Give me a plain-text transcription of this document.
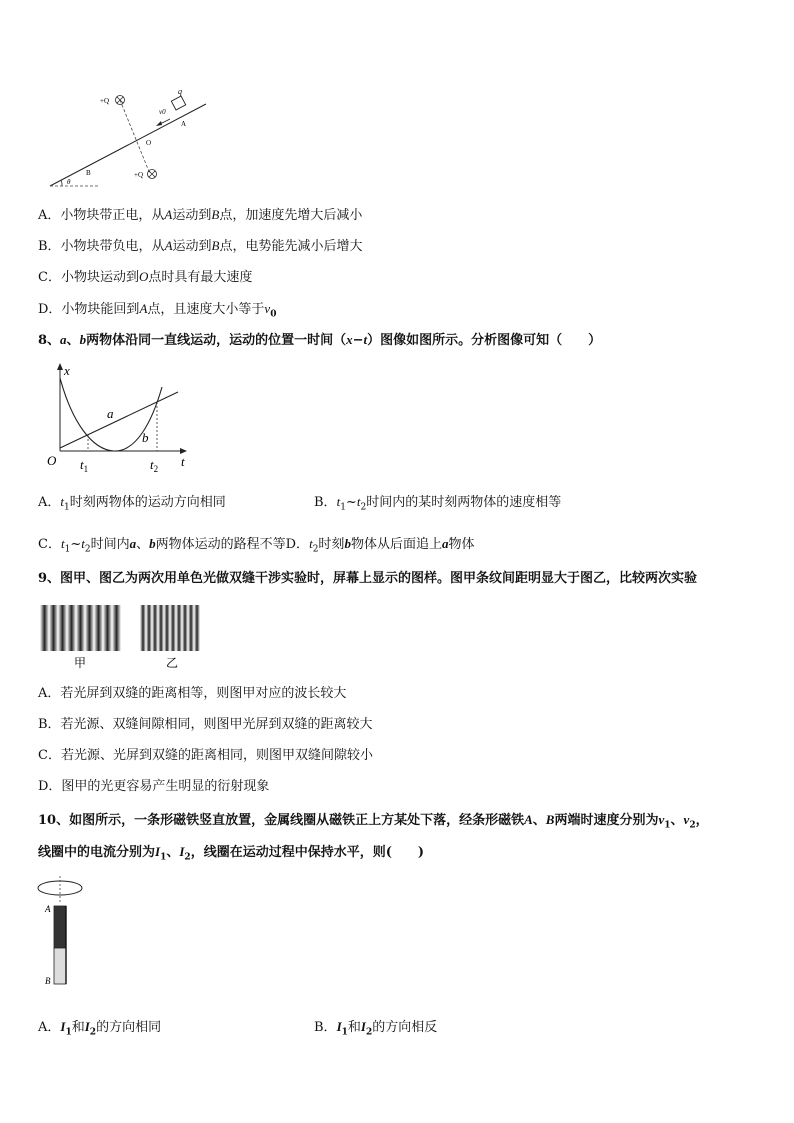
+Q
+Q
q
v0
A
O
B
θ
A．小物块带正电，从A运动到B点，加速度先增大后减小
B．小物块带负电，从A运动到B点，电势能先减小后增大
C．小物块运动到O点时具有最大速度
D．小物块能回到A点，且速度大小等于$v_0$
8、a、b两物体沿同一直线运动，运动的位置一时间（x−t）图像如图所示。分析图像可知（　　）
x
t
O
a
b
$t_1$	$t_2$
A．$t_1$时刻两物体的运动方向相同	B．$t_1\sim t_2$时间内的某时刻两物体的速度相等
C．$t_1\sim t_2$时间内a、b两物体运动的路程不等D．$t_2$时刻b物体从后面追上a物体
9、图甲、图乙为两次用单色光做双缝干涉实验时，屏幕上显示的图样。图甲条纹间距明显大于图乙，比较两次实验
甲	乙
A．若光屏到双缝的距离相等，则图甲对应的波长较大
B．若光源、双缝间隙相同，则图甲光屏到双缝的距离较大
C．若光源、光屏到双缝的距离相同，则图甲双缝间隙较小
D．图甲的光更容易产生明显的衍射现象
10、如图所示，一条形磁铁竖直放置，金属线圈从磁铁正上方某处下落，经条形磁铁A、B两端时速度分别为$v_1$、$v_2$，
线圈中的电流分别为$I_1$、$I_2$，线圈在运动过程中保持水平，则(　　)
A
B
A．$I_1$和$I_2$的方向相同	B．$I_1$和$I_2$的方向相反
